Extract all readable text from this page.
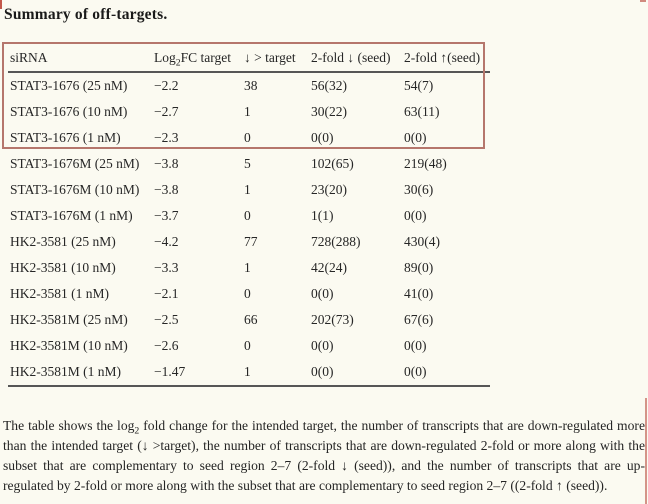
Summary of off-targets.
siRNA	Log$_2$FC target	↓ > target	2-fold ↓ (seed)	2-fold ↑(seed)
STAT3-1676 (25 nM)	−2.2	38	56(32)	54(7)
STAT3-1676 (10 nM)	−2.7	1	30(22)	63(11)
STAT3-1676 (1 nM)	−2.3	0	0(0)	0(0)
STAT3-1676M (25 nM)	−3.8	5	102(65)	219(48)
STAT3-1676M (10 nM)	−3.8	1	23(20)	30(6)
STAT3-1676M (1 nM)	−3.7	0	1(1)	0(0)
HK2-3581 (25 nM)	−4.2	77	728(288)	430(4)
HK2-3581 (10 nM)	−3.3	1	42(24)	89(0)
HK2-3581 (1 nM)	−2.1	0	0(0)	41(0)
HK2-3581M (25 nM)	−2.5	66	202(73)	67(6)
HK2-3581M (10 nM)	−2.6	0	0(0)	0(0)
HK2-3581M (1 nM)	−1.47	1	0(0)	0(0)
The table shows the $\log_2$ fold change for the intended target, the number of transcripts that are down-regulated more than the intended target (↓ >target), the number of transcripts that are down-regulated 2-fold or more along with the subset that are complementary to seed region 2–7 (2-fold ↓ (seed)), and the number of transcripts that are up-regulated by 2-fold or more along with the subset that are complementary to seed region 2–7 ((2-fold ↑ (seed)).
